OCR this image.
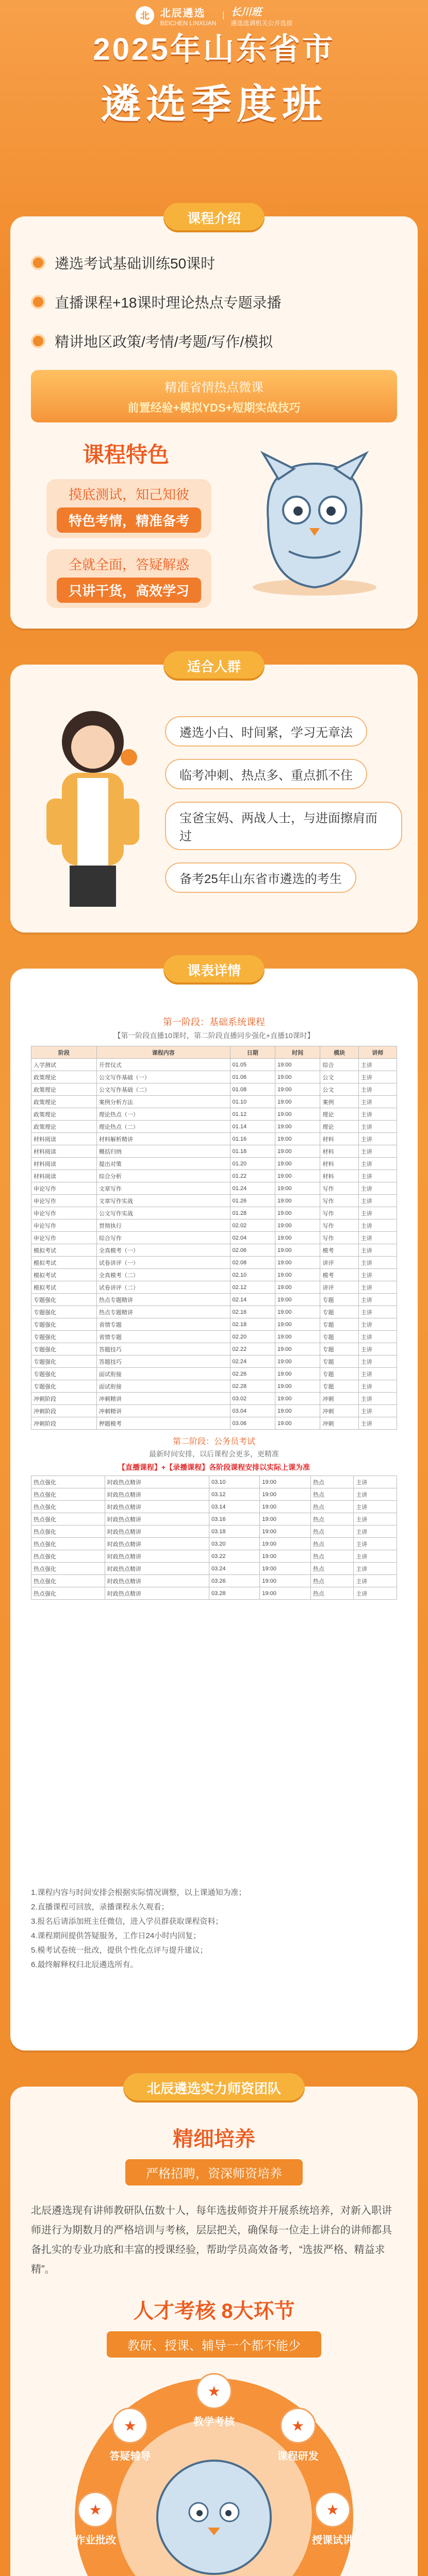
北	北辰遴选
BEICHEN LINXUAN
| 长川班
遴选选调机关公开选拔
2025年山东省市
遴选季度班
课程介绍
遴选考试基础训练50课时
直播课程+18课时理论热点专题录播
精讲地区政策/考情/考题/写作/模拟
精准省情热点微课
前置经验+模拟YDS+短期实战技巧
课程特色
摸底测试，知己知彼
特色考情，精准备考
全就全面，答疑解惑
只讲干货，高效学习
适合人群
遴选小白、时间紧，学习无章法 临考冲刺、热点多、重点抓不住 宝爸宝妈、两战人士，与进面擦肩而过 备考25年山东省市遴选的考生
课表详情
第一阶段：基础系统课程
【第一阶段直播10课时，第二阶段直播同步强化+直播10课时】
阶段	课程内容	日期	时间	模块	讲师
入学测试	开营仪式	01.05	19:00	综合	主讲
政策理论	公文写作基础（一）	01.06	19:00	公文	主讲
政策理论	公文写作基础（二）	01.08	19:00	公文	主讲
政策理论	案例分析方法	01.10	19:00	案例	主讲
政策理论	理论热点（一）	01.12	19:00	理论	主讲
政策理论	理论热点（二）	01.14	19:00	理论	主讲
材料阅读	材料解析精讲	01.16	19:00	材料	主讲
材料阅读	概括归纳	01.18	19:00	材料	主讲
材料阅读	提出对策	01.20	19:00	材料	主讲
材料阅读	综合分析	01.22	19:00	材料	主讲
申论写作	文章写作	01.24	19:00	写作	主讲
申论写作	文章写作实战	01.26	19:00	写作	主讲
申论写作	公文写作实战	01.28	19:00	写作	主讲
申论写作	贯彻执行	02.02	19:00	写作	主讲
申论写作	综合写作	02.04	19:00	写作	主讲
模拟考试	全真模考（一）	02.06	19:00	模考	主讲
模拟考试	试卷讲评（一）	02.08	19:00	讲评	主讲
模拟考试	全真模考（二）	02.10	19:00	模考	主讲
模拟考试	试卷讲评（二）	02.12	19:00	讲评	主讲
专题强化	热点专题精讲	02.14	19:00	专题	主讲
专题强化	热点专题精讲	02.16	19:00	专题	主讲
专题强化	省情专题	02.18	19:00	专题	主讲
专题强化	省情专题	02.20	19:00	专题	主讲
专题强化	答题技巧	02.22	19:00	专题	主讲
专题强化	答题技巧	02.24	19:00	专题	主讲
专题强化	面试衔接	02.26	19:00	专题	主讲
专题强化	面试衔接	02.28	19:00	专题	主讲
冲刺阶段	冲刺精讲	03.02	19:00	冲刺	主讲
冲刺阶段	冲刺精讲	03.04	19:00	冲刺	主讲
冲刺阶段	押题模考	03.06	19:00	冲刺	主讲
第二阶段：公务员考试
最新时间安排，以后课程会更多，更精准
【直播课程】+【录播课程】各阶段课程安排以实际上课为准
热点强化	时政热点精讲	03.10	19:00	热点	主讲
热点强化	时政热点精讲	03.12	19:00	热点	主讲
热点强化	时政热点精讲	03.14	19:00	热点	主讲
热点强化	时政热点精讲	03.16	19:00	热点	主讲
热点强化	时政热点精讲	03.18	19:00	热点	主讲
热点强化	时政热点精讲	03.20	19:00	热点	主讲
热点强化	时政热点精讲	03.22	19:00	热点	主讲
热点强化	时政热点精讲	03.24	19:00	热点	主讲
热点强化	时政热点精讲	03.26	19:00	热点	主讲
热点强化	时政热点精讲	03.28	19:00	热点	主讲
1.课程内容与时间安排会根据实际情况调整，以上课通知为准；
2.直播课程可回放，录播课程永久观看；
3.报名后请添加班主任微信，进入学员群获取课程资料；
4.课程期间提供答疑服务，工作日24小时内回复；
5.模考试卷统一批改，提供个性化点评与提升建议；
6.最终解释权归北辰遴选所有。
北辰遴选实力师资团队
精细培养
严格招聘，资深师资培养
北辰遴选现有讲师教研队伍数十人，每年选拔师资并开展系统培养，对新入职讲师进行为期数月的严格培训与考核，层层把关，确保每一位走上讲台的讲师都具备扎实的专业功底和丰富的授课经验，帮助学员高效备考，“选拔严格、精益求精”。
人才考核 8大环节
教研、授课、辅导一个都不能少
★
教学考核	★
课程研发
★
授课试讲
★
作业批改
★
答疑辅导
